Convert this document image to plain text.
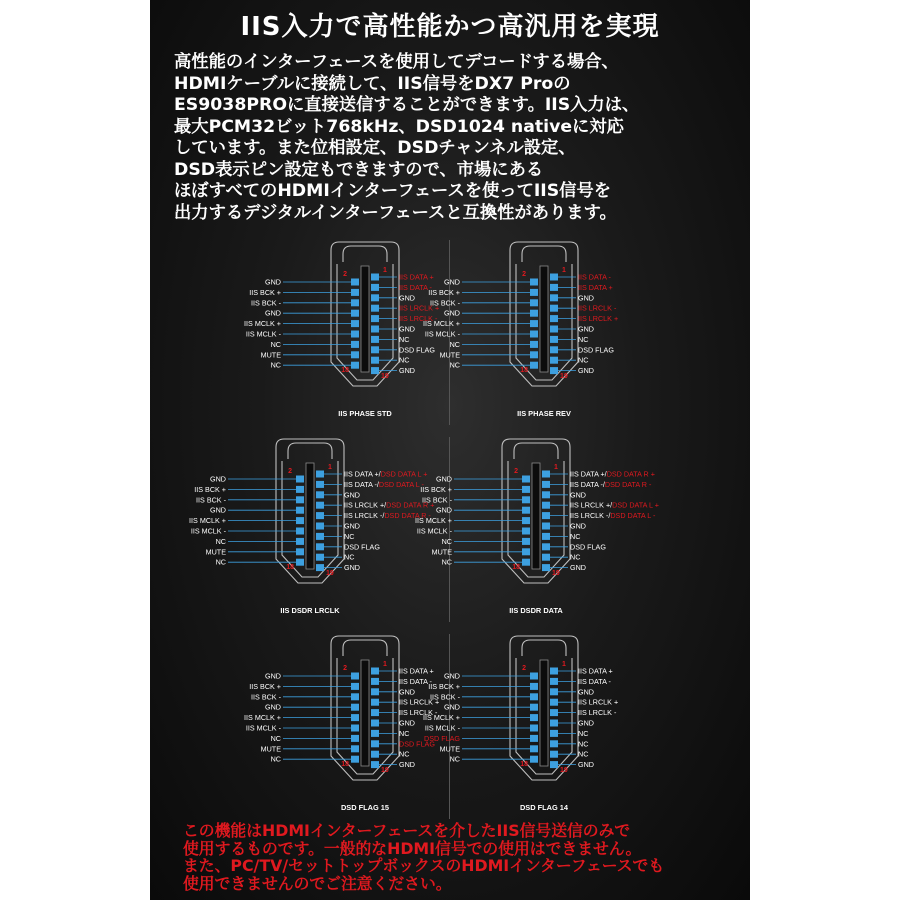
IIS入力で高性能かつ高汎用を実現
高性能のインターフェースを使用してデコードする場合、
HDMIケーブルに接続して、IIS信号をDX7 Proの
ES9038PROに直接送信することができます。IIS入力は、
最大PCM32ビット768kHz、DSD1024 nativeに対応
しています。また位相設定、DSDチャンネル設定、
DSD表示ピン設定もできますので、市場にある
ほぼすべてのHDMIインターフェースを使ってIIS信号を
出力するデジタルインターフェースと互換性があります。
GND
IIS BCK +
IIS BCK -
GND
IIS MCLK +
IIS MCLK -
NC
MUTE
NC
IIS DATA +
IIS DATA -
GND
IIS LRCLK +
IIS LRCLK -
GND
NC
DSD FLAG
NC
GND
2
1
18
19
IIS PHASE STD
GND
IIS BCK +
IIS BCK -
GND
IIS MCLK +
IIS MCLK -
NC
MUTE
NC
IIS DATA -
IIS DATA +
GND
IIS LRCLK -
IIS LRCLK +
GND
NC
DSD FLAG
NC
GND
2
1
18
19
IIS PHASE REV
GND
IIS BCK +
IIS BCK -
GND
IIS MCLK +
IIS MCLK -
NC
MUTE
NC
IIS DATA +/DSD DATA L +
IIS DATA -/DSD DATA L -
GND
IIS LRCLK +/DSD DATA R +
IIS LRCLK -/DSD DATA R -
GND
NC
DSD FLAG
NC
GND
2
1
18
19
IIS DSDR LRCLK
GND
IIS BCK +
IIS BCK -
GND
IIS MCLK +
IIS MCLK -
NC
MUTE
NC
IIS DATA +/DSD DATA R +
IIS DATA -/DSD DATA R -
GND
IIS LRCLK +/DSD DATA L +
IIS LRCLK -/DSD DATA L -
GND
NC
DSD FLAG
NC
GND
2
1
18
19
IIS DSDR DATA
GND
IIS BCK +
IIS BCK -
GND
IIS MCLK +
IIS MCLK -
NC
MUTE
NC
IIS DATA +
IIS DATA -
GND
IIS LRCLK +
IIS LRCLK -
GND
NC
DSD FLAG
NC
GND
2
1
18
19
DSD FLAG 15
GND
IIS BCK +
IIS BCK -
GND
IIS MCLK +
IIS MCLK -
DSD FLAG
MUTE
NC
IIS DATA +
IIS DATA -
GND
IIS LRCLK +
IIS LRCLK -
GND
NC
NC
NC
GND
2
1
18
19
DSD FLAG 14
この機能はHDMIインターフェースを介したIIS信号送信のみで
使用するものです。一般的なHDMI信号での使用はできません。
また、PC/TV/セットトップボックスのHDMIインターフェースでも
使用できませんのでご注意ください。
